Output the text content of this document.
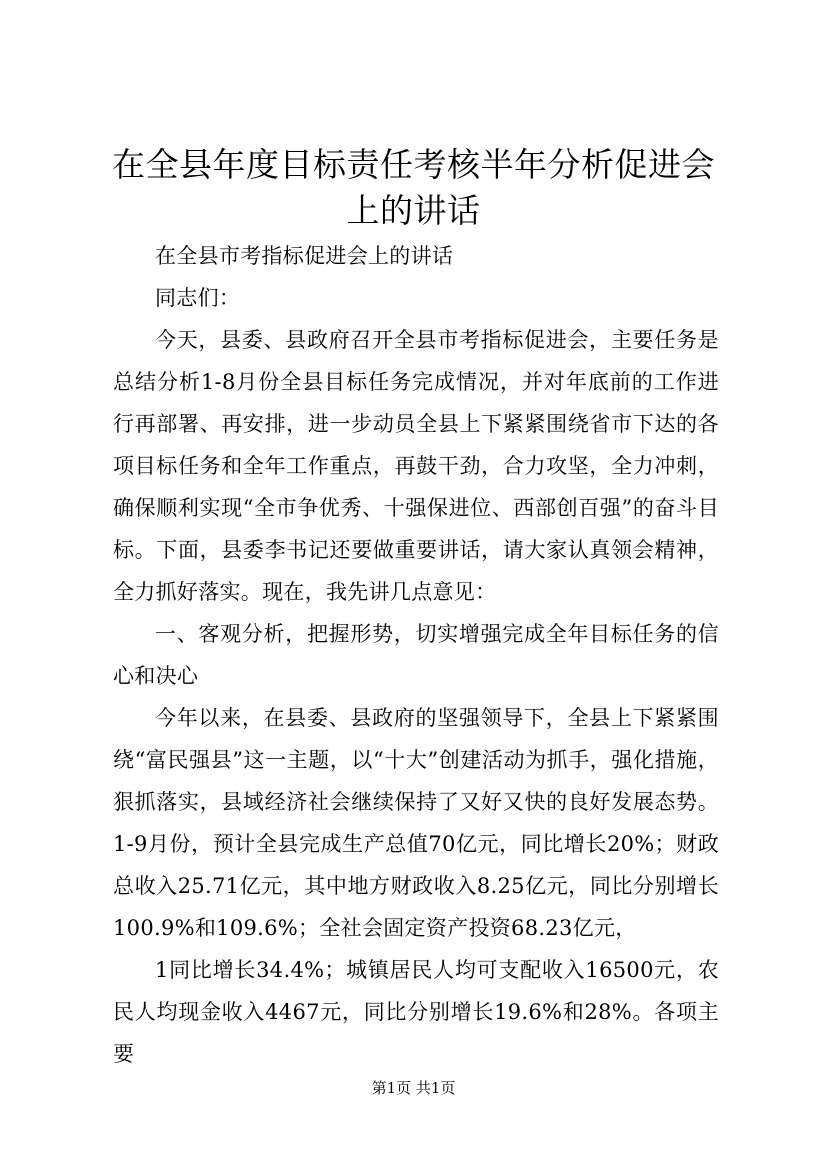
在全县年度目标责任考核半年分析促进会上的讲话

在全县市考指标促进会上的讲话

同志们：

今天，县委、县政府召开全县市考指标促进会，主要任务是总结分析1-8月份全县目标任务完成情况，并对年底前的工作进行再部署、再安排，进一步动员全县上下紧紧围绕省市下达的各项目标任务和全年工作重点，再鼓干劲，合力攻坚，全力冲刺，确保顺利实现“全市争优秀、十强保进位、西部创百强”的奋斗目标。下面，县委李书记还要做重要讲话，请大家认真领会精神，全力抓好落实。现在，我先讲几点意见：

一、客观分析，把握形势，切实增强完成全年目标任务的信心和决心

今年以来，在县委、县政府的坚强领导下，全县上下紧紧围绕“富民强县”这一主题，以“十大”创建活动为抓手，强化措施，狠抓落实，县域经济社会继续保持了又好又快的良好发展态势。1-9月份，预计全县完成生产总值70亿元，同比增长20%；财政总收入25.71亿元，其中地方财政收入8.25亿元，同比分别增长100.9%和109.6%；全社会固定资产投资68.23亿元，

1同比增长34.4%；城镇居民人均可支配收入16500元，农民人均现金收入4467元，同比分别增长19.6%和28%。各项主要

第1页 共1页
